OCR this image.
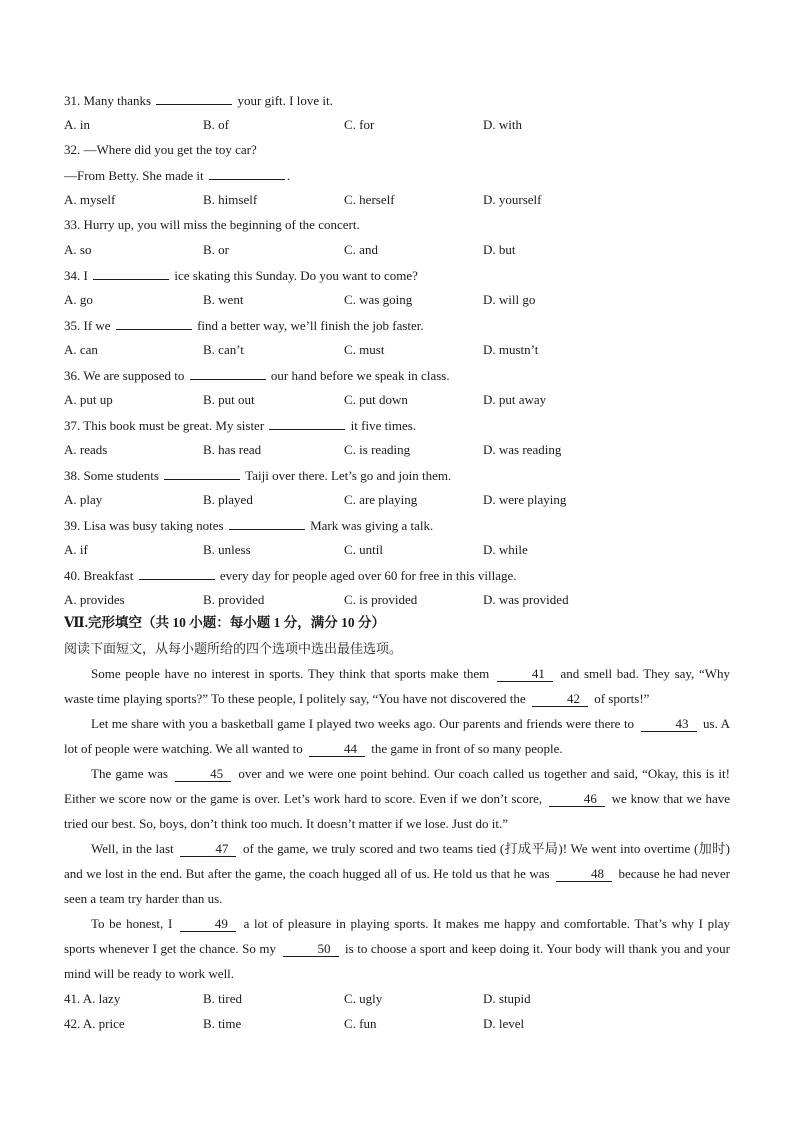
31. Many thanks	your gift. I love it.
A. in	B. of	C. for	D. with
32. —Where did you get the toy car?
—From Betty. She made it	.
A. myself	B. himself	C. herself	D. yourself
33. Hurry up, you will miss the beginning of the concert.
A. so	B. or	C. and	D. but
34. I	ice skating this Sunday. Do you want to come?
A. go	B. went	C. was going	D. will go
35. If we	find a better way, we’ll finish the job faster.
A. can	B. can’t	C. must	D. mustn’t
36. We are supposed to	our hand before we speak in class.
A. put up	B. put out	C. put down	D. put away
37. This book must be great. My sister	it five times.
A. reads	B. has read	C. is reading	D. was reading
38. Some students	Taiji over there. Let’s go and join them.
A. play	B. played	C. are playing	D. were playing
39. Lisa was busy taking notes	Mark was giving a talk.
A. if	B. unless	C. until	D. while
40. Breakfast	every day for people aged over 60 for free in this village.
A. provides	B. provided	C. is provided	D. was provided
Ⅶ.完形填空（共 10 小题：每小题 1 分，满分 10 分）
阅读下面短文，从每小题所给的四个选项中选出最佳选项。

Some people have no interest in sports. They think that sports make them	41 and smell bad. They say, “Why waste time playing sports?” To these people, I politely say, “You have not discovered the	42 of sports!”

Let me share with you a basketball game I played two weeks ago. Our parents and friends were there to	43 us. A lot of people were watching. We all wanted to	44 the game in front of so many people.

The game was	45 over and we were one point behind. Our coach called us together and said, “Okay, this is it! Either we score now or the game is over. Let’s work hard to score. Even if we don’t score,	46 we know that we have tried our best. So, boys, don’t think too much. It doesn’t matter if we lose. Just do it.”

Well, in the last	47 of the game, we truly scored and two teams tied (打成平局)! We went into overtime (加时) and we lost in the end. But after the game, the coach hugged all of us. He told us that he was	48 because he had never seen a team try harder than us.

To be honest, I	49 a lot of pleasure in playing sports. It makes me happy and comfortable. That’s why I play sports whenever I get the chance. So my	50 is to choose a sport and keep doing it. Your body will thank you and your mind will be ready to work well.

41. A. lazy	B. tired	C. ugly	D. stupid
42. A. price	B. time	C. fun	D. level
